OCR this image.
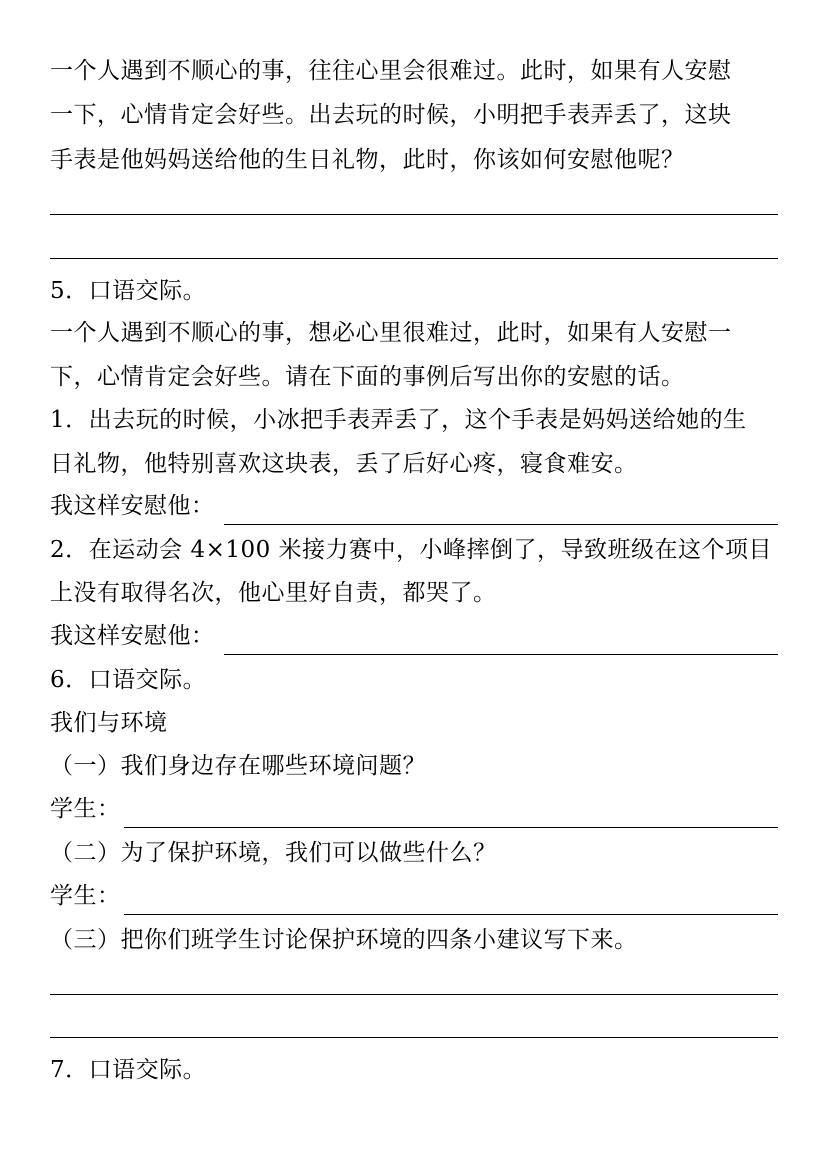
一个人遇到不顺心的事，往往心里会很难过。此时，如果有人安慰
一下，心情肯定会好些。出去玩的时候，小明把手表弄丢了，这块
手表是他妈妈送给他的生日礼物，此时，你该如何安慰他呢？
5．口语交际。
一个人遇到不顺心的事，想必心里很难过，此时，如果有人安慰一
下，心情肯定会好些。请在下面的事例后写出你的安慰的话。
1．出去玩的时候，小冰把手表弄丢了，这个手表是妈妈送给她的生
日礼物，他特别喜欢这块表，丢了后好心疼，寝食难安。
我这样安慰他：
2．在运动会 4×100 米接力赛中，小峰摔倒了，导致班级在这个项目
上没有取得名次，他心里好自责，都哭了。
我这样安慰他：
6．口语交际。
我们与环境
（一）我们身边存在哪些环境问题？
学生：
（二）为了保护环境，我们可以做些什么？
学生：
（三）把你们班学生讨论保护环境的四条小建议写下来。
7．口语交际。
